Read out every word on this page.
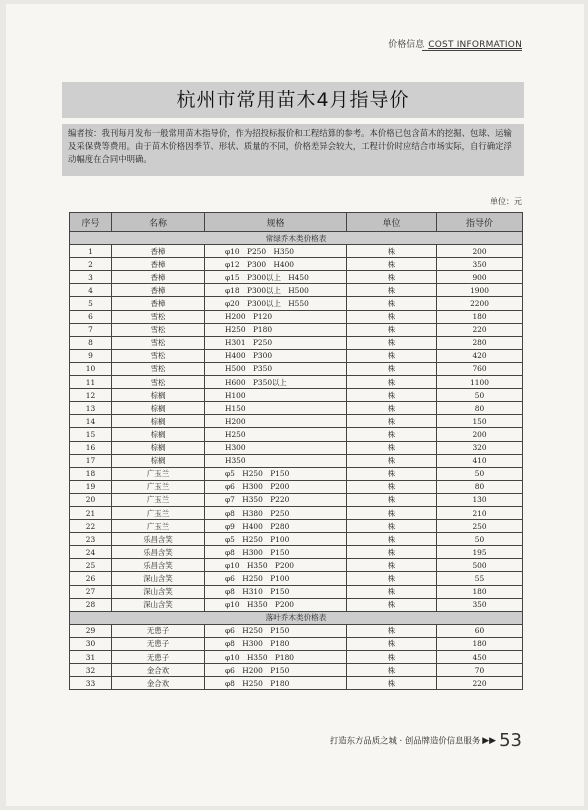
价格信息 COST INFORMATION
杭州市常用苗木4月指导价
编者按：我刊每月发布一般常用苗木指导价，作为招投标报价和工程结算的参考。本价格已包含苗木的挖掘、包球、运输及采保费等费用。由于苗木价格因季节、形状、质量的不同，价格差异会较大，工程计价时应结合市场实际，自行确定浮动幅度在合同中明确。
单位：元
序号	名称	规格	单位	指导价
常绿乔木类价格表				
1	香樟	φ10　P250　H350	株	200
2	香樟	φ12　P300　H400	株	350
3	香樟	φ15　P300以上　H450	株	900
4	香樟	φ18　P300以上　H500	株	1900
5	香樟	φ20　P300以上　H550	株	2200
6	雪松	H200　P120	株	180
7	雪松	H250　P180	株	220
8	雪松	H301　P250	株	280
9	雪松	H400　P300	株	420
10	雪松	H500　P350	株	760
11	雪松	H600　P350以上	株	1100
12	棕榈	H100	株	50
13	棕榈	H150	株	80
14	棕榈	H200	株	150
15	棕榈	H250	株	200
16	棕榈	H300	株	320
17	棕榈	H350	株	410
18	广玉兰	φ5　H250　P150	株	50
19	广玉兰	φ6　H300　P200	株	80
20	广玉兰	φ7　H350　P220	株	130
21	广玉兰	φ8　H380　P250	株	210
22	广玉兰	φ9　H400　P280	株	250
23	乐昌含笑	φ5　H250　P100	株	50
24	乐昌含笑	φ8　H300　P150	株	195
25	乐昌含笑	φ10　H350　P200	株	500
26	深山含笑	φ6　H250　P100	株	55
27	深山含笑	φ8　H310　P150	株	180
28	深山含笑	φ10　H350　P200	株	350
落叶乔木类价格表				
29	无患子	φ6　H250　P150	株	60
30	无患子	φ8　H300　P180	株	180
31	无患子	φ10　H350　P180	株	450
32	金合欢	φ6　H200　P150	株	70
33	金合欢	φ8　H250　P180	株	220
打造东方品质之城 · 创品牌造价信息服务 ▶▶ 53
